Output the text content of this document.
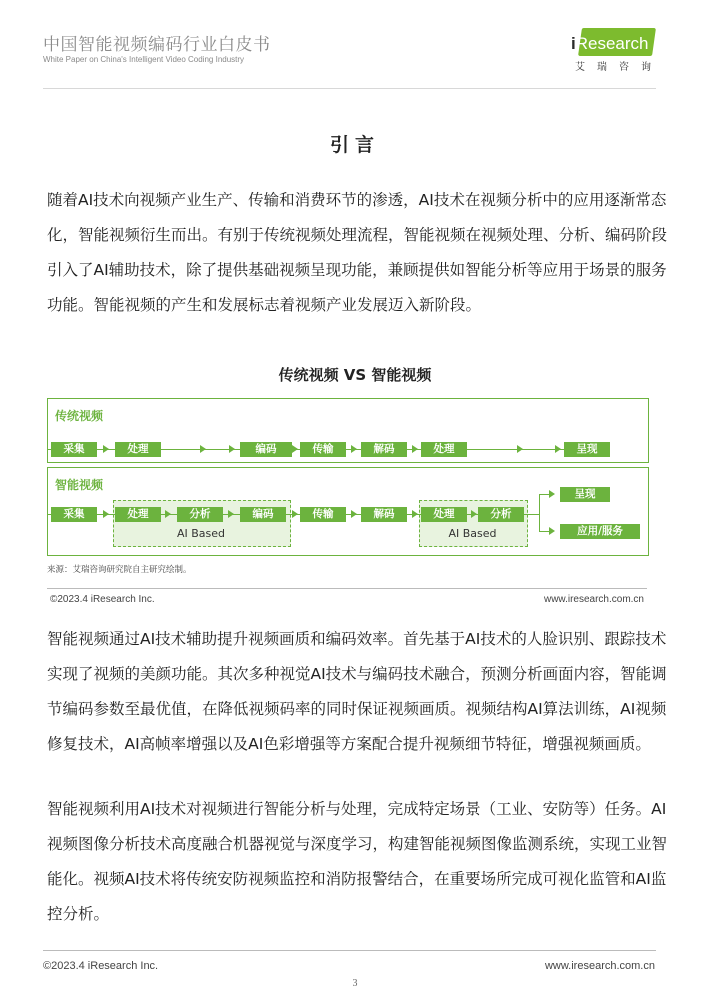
中国智能视频编码行业白皮书
White Paper on China's Intelligent Video Coding Industry
iResearch
艾瑞咨询
引言

随着AI技术向视频产业生产、传输和消费环节的渗透，AI技术在视频分析中的应用逐渐常态化，智能视频衍生而出。有别于传统视频处理流程，智能视频在视频处理、分析、编码阶段引入了AI辅助技术，除了提供基础视频呈现功能，兼顾提供如智能分析等应用于场景的服务功能。智能视频的产生和发展标志着视频产业发展迈入新阶段。

传统视频 VS 智能视频
传统视频
采集	处理	编码	传输	解码	处理	呈现
智能视频
AI Based	AI Based
采集	处理	分析	编码	传输	解码	处理	分析
呈现
应用/服务
来源：艾瑞咨询研究院自主研究绘制。
©2023.4 iResearch Inc.	www.iresearch.com.cn

智能视频通过AI技术辅助提升视频画质和编码效率。首先基于AI技术的人脸识别、跟踪技术实现了视频的美颜功能。其次多种视觉AI技术与编码技术融合，预测分析画面内容，智能调节编码参数至最优值，在降低视频码率的同时保证视频画质。视频结构AI算法训练，AI视频修复技术，AI高帧率增强以及AI色彩增强等方案配合提升视频细节特征，增强视频画质。

智能视频利用AI技术对视频进行智能分析与处理，完成特定场景（工业、安防等）任务。AI视频图像分析技术高度融合机器视觉与深度学习，构建智能视频图像监测系统，实现工业智能化。视频AI技术将传统安防视频监控和消防报警结合，在重要场所完成可视化监管和AI监控分析。

©2023.4 iResearch Inc.	www.iresearch.com.cn
3
